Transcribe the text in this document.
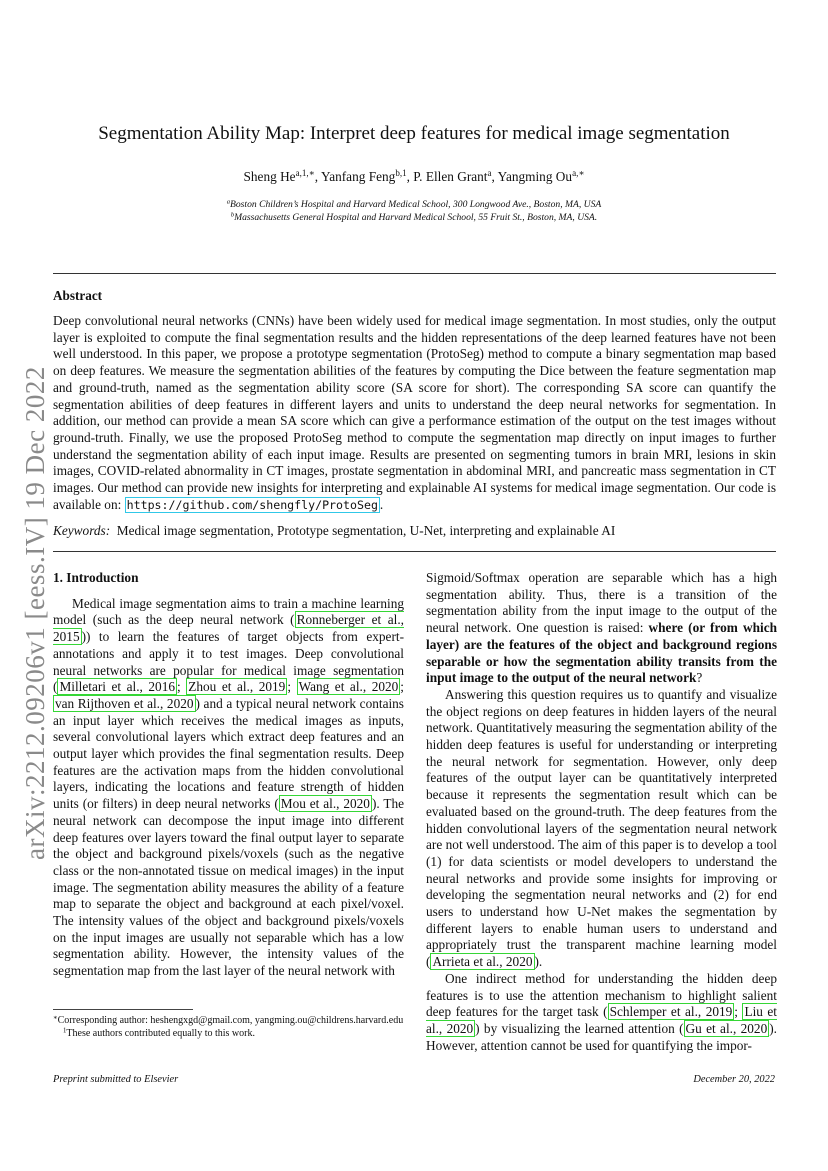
arXiv:2212.09206v1 [eess.IV] 19 Dec 2022
Segmentation Ability Map: Interpret deep features for medical image segmentation
Sheng $He^{a,1,∗}$, Yanfang Feng$^{b,1}$, P. Ellen Grant$^a$, Yangming $Ou^{a,∗}$
$^a$Boston Children’s Hospital and Harvard Medical School, 300 Longwood Ave., Boston, MA, USA
$^b$Massachusetts General Hospital and Harvard Medical School, 55 Fruit St., Boston, MA, USA.
Abstract
Deep convolutional neural networks (CNNs) have been widely used for medical image segmentation. In most studies, only the output layer is exploited to compute the final segmentation results and the hidden representations of the deep learned features have not been well understood. In this paper, we propose a prototype segmentation (ProtoSeg) method to compute a binary segmentation map based on deep features. We measure the segmentation abilities of the features by computing the Dice between the feature segmentation map and ground-truth, named as the segmentation ability score (SA score for short). The corresponding SA score can quantify the segmentation abilities of deep features in different layers and units to understand the deep neural networks for segmentation. In addition, our method can provide a mean SA score which can give a performance estimation of the output on the test images without ground-truth. Finally, we use the proposed ProtoSeg method to compute the segmentation map directly on input images to further understand the segmentation ability of each input image. Results are presented on segmenting tumors in brain MRI, lesions in skin images, COVID-related abnormality in CT images, prostate segmentation in abdominal MRI, and pancreatic mass segmentation in CT images. Our method can provide new insights for interpreting and explainable AI systems for medical image segmentation. Our code is available on: https://github.com/shengfly/ProtoSeg .
Keywords: Medical image segmentation, Prototype segmentation, U-Net, interpreting and explainable AI
1. Introduction
Medical image segmentation aims to train a machine learning model (such as the deep neural network ( Ronneberger et al., 2015 )) to learn the features of target objects from expert-annotations and apply it to test images. Deep convolutional neural networks are popular for medical image segmentation ( Milletari et al., 2016 ; Zhou et al., 2019 ; Wang et al., 2020 ; van Rijthoven et al., 2020 ) and a typical neural network contains an input layer which receives the medical images as inputs, several convolutional layers which extract deep features and an output layer which provides the final segmentation results. Deep features are the activation maps from the hidden convolutional layers, indicating the locations and feature strength of hidden units (or filters) in deep neural networks ( Mou et al., 2020 ). The neural network can decompose the input image into different deep features over layers toward the final output layer to separate the object and background pixels/voxels (such as the negative class or the non-annotated tissue on medical images) in the input image. The segmentation ability measures the ability of a feature map to separate the object and background at each pixel/voxel. The intensity values of the object and background pixels/voxels on the input images are usually not separable which has a low segmentation ability. However, the intensity values of the segmentation map from the last layer of the neural network with
Sigmoid/Softmax operation are separable which has a high segmentation ability. Thus, there is a transition of the segmentation ability from the input image to the output of the neural network. One question is raised: where (or from which layer) are the features of the object and background regions separable or how the segmentation ability transits from the input image to the output of the neural network?
Answering this question requires us to quantify and visualize the object regions on deep features in hidden layers of the neural network. Quantitatively measuring the segmentation ability of the hidden deep features is useful for understanding or interpreting the neural network for segmentation. However, only deep features of the output layer can be quantitatively interpreted because it represents the segmentation result which can be evaluated based on the ground-truth. The deep features from the hidden convolutional layers of the segmentation neural network are not well understood. The aim of this paper is to develop a tool (1) for data scientists or model developers to understand the neural networks and provide some insights for improving or developing the segmentation neural networks and (2) for end users to understand how U-Net makes the segmentation by different layers to enable human users to understand and appropriately trust the transparent machine learning model ( Arrieta et al., 2020 ).
One indirect method for understanding the hidden deep features is to use the attention mechanism to highlight salient deep features for the target task ( Schlemper et al., 2019 ; Liu et al., 2020 ) by visualizing the learned attention ( Gu et al., 2020 ). However, attention cannot be used for quantifying the impor-
∗Corresponding author: heshengxgd@gmail.com, yangming.ou@childrens.harvard.edu
$^1$These authors contributed equally to this work.
Preprint submitted to Elsevier	December 20, 2022
